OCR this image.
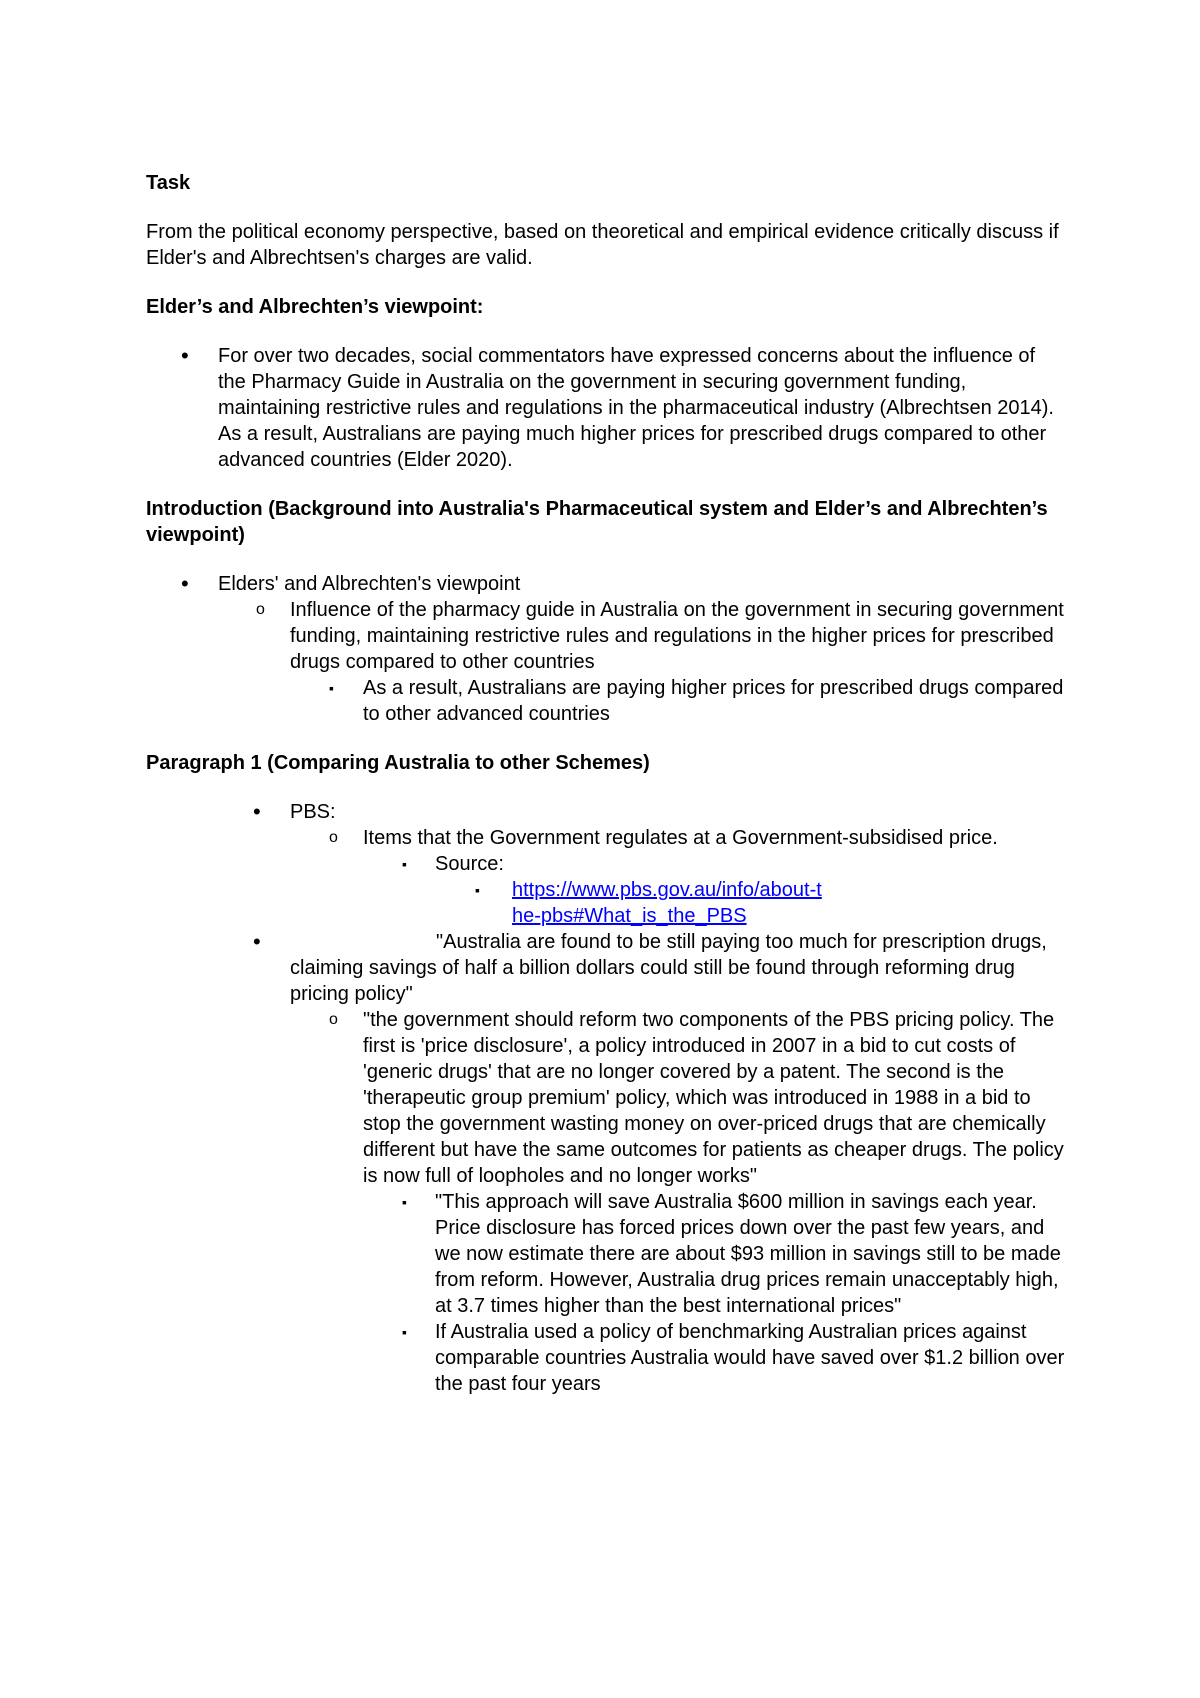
Task
From the political economy perspective, based on theoretical and empirical evidence critically discuss if Elder's and Albrechtsen's charges are valid.
Elder’s and Albrechten’s viewpoint:
•	For over two decades, social commentators have expressed concerns about the influence of the Pharmacy Guide in Australia on the government in securing government funding, maintaining restrictive rules and regulations in the pharmaceutical industry (Albrechtsen 2014). As a result, Australians are paying much higher prices for prescribed drugs compared to other advanced countries (Elder 2020).
Introduction (Background into Australia's Pharmaceutical system and Elder’s and Albrechten’s viewpoint)
•	Elders' and Albrechten's viewpoint
o	Influence of the pharmacy guide in Australia on the government in securing government funding, maintaining restrictive rules and regulations in the higher prices for prescribed drugs compared to other countries
▪	As a result, Australians are paying higher prices for prescribed drugs compared to other advanced countries
Paragraph 1 (Comparing Australia to other Schemes)
•	PBS:
o	Items that the Government regulates at a Government-subsidised price.
▪	Source:
▪	https://www.pbs.gov.au/info/about-the-pbs#What_is_the_PBS
•	"Australia are found to be still paying too much for prescription drugs, claiming savings of half a billion dollars could still be found through reforming drug pricing policy"
o	"the government should reform two components of the PBS pricing policy. The first is 'price disclosure', a policy introduced in 2007 in a bid to cut costs of 'generic drugs' that are no longer covered by a patent. The second is the 'therapeutic group premium' policy, which was introduced in 1988 in a bid to stop the government wasting money on over-priced drugs that are chemically different but have the same outcomes for patients as cheaper drugs. The policy is now full of loopholes and no longer works"
▪	"This approach will save Australia $600 million in savings each year. Price disclosure has forced prices down over the past few years, and we now estimate there are about $93 million in savings still to be made from reform. However, Australia drug prices remain unacceptably high, at 3.7 times higher than the best international prices"
▪	If Australia used a policy of benchmarking Australian prices against comparable countries Australia would have saved over $1.2 billion over the past four years
